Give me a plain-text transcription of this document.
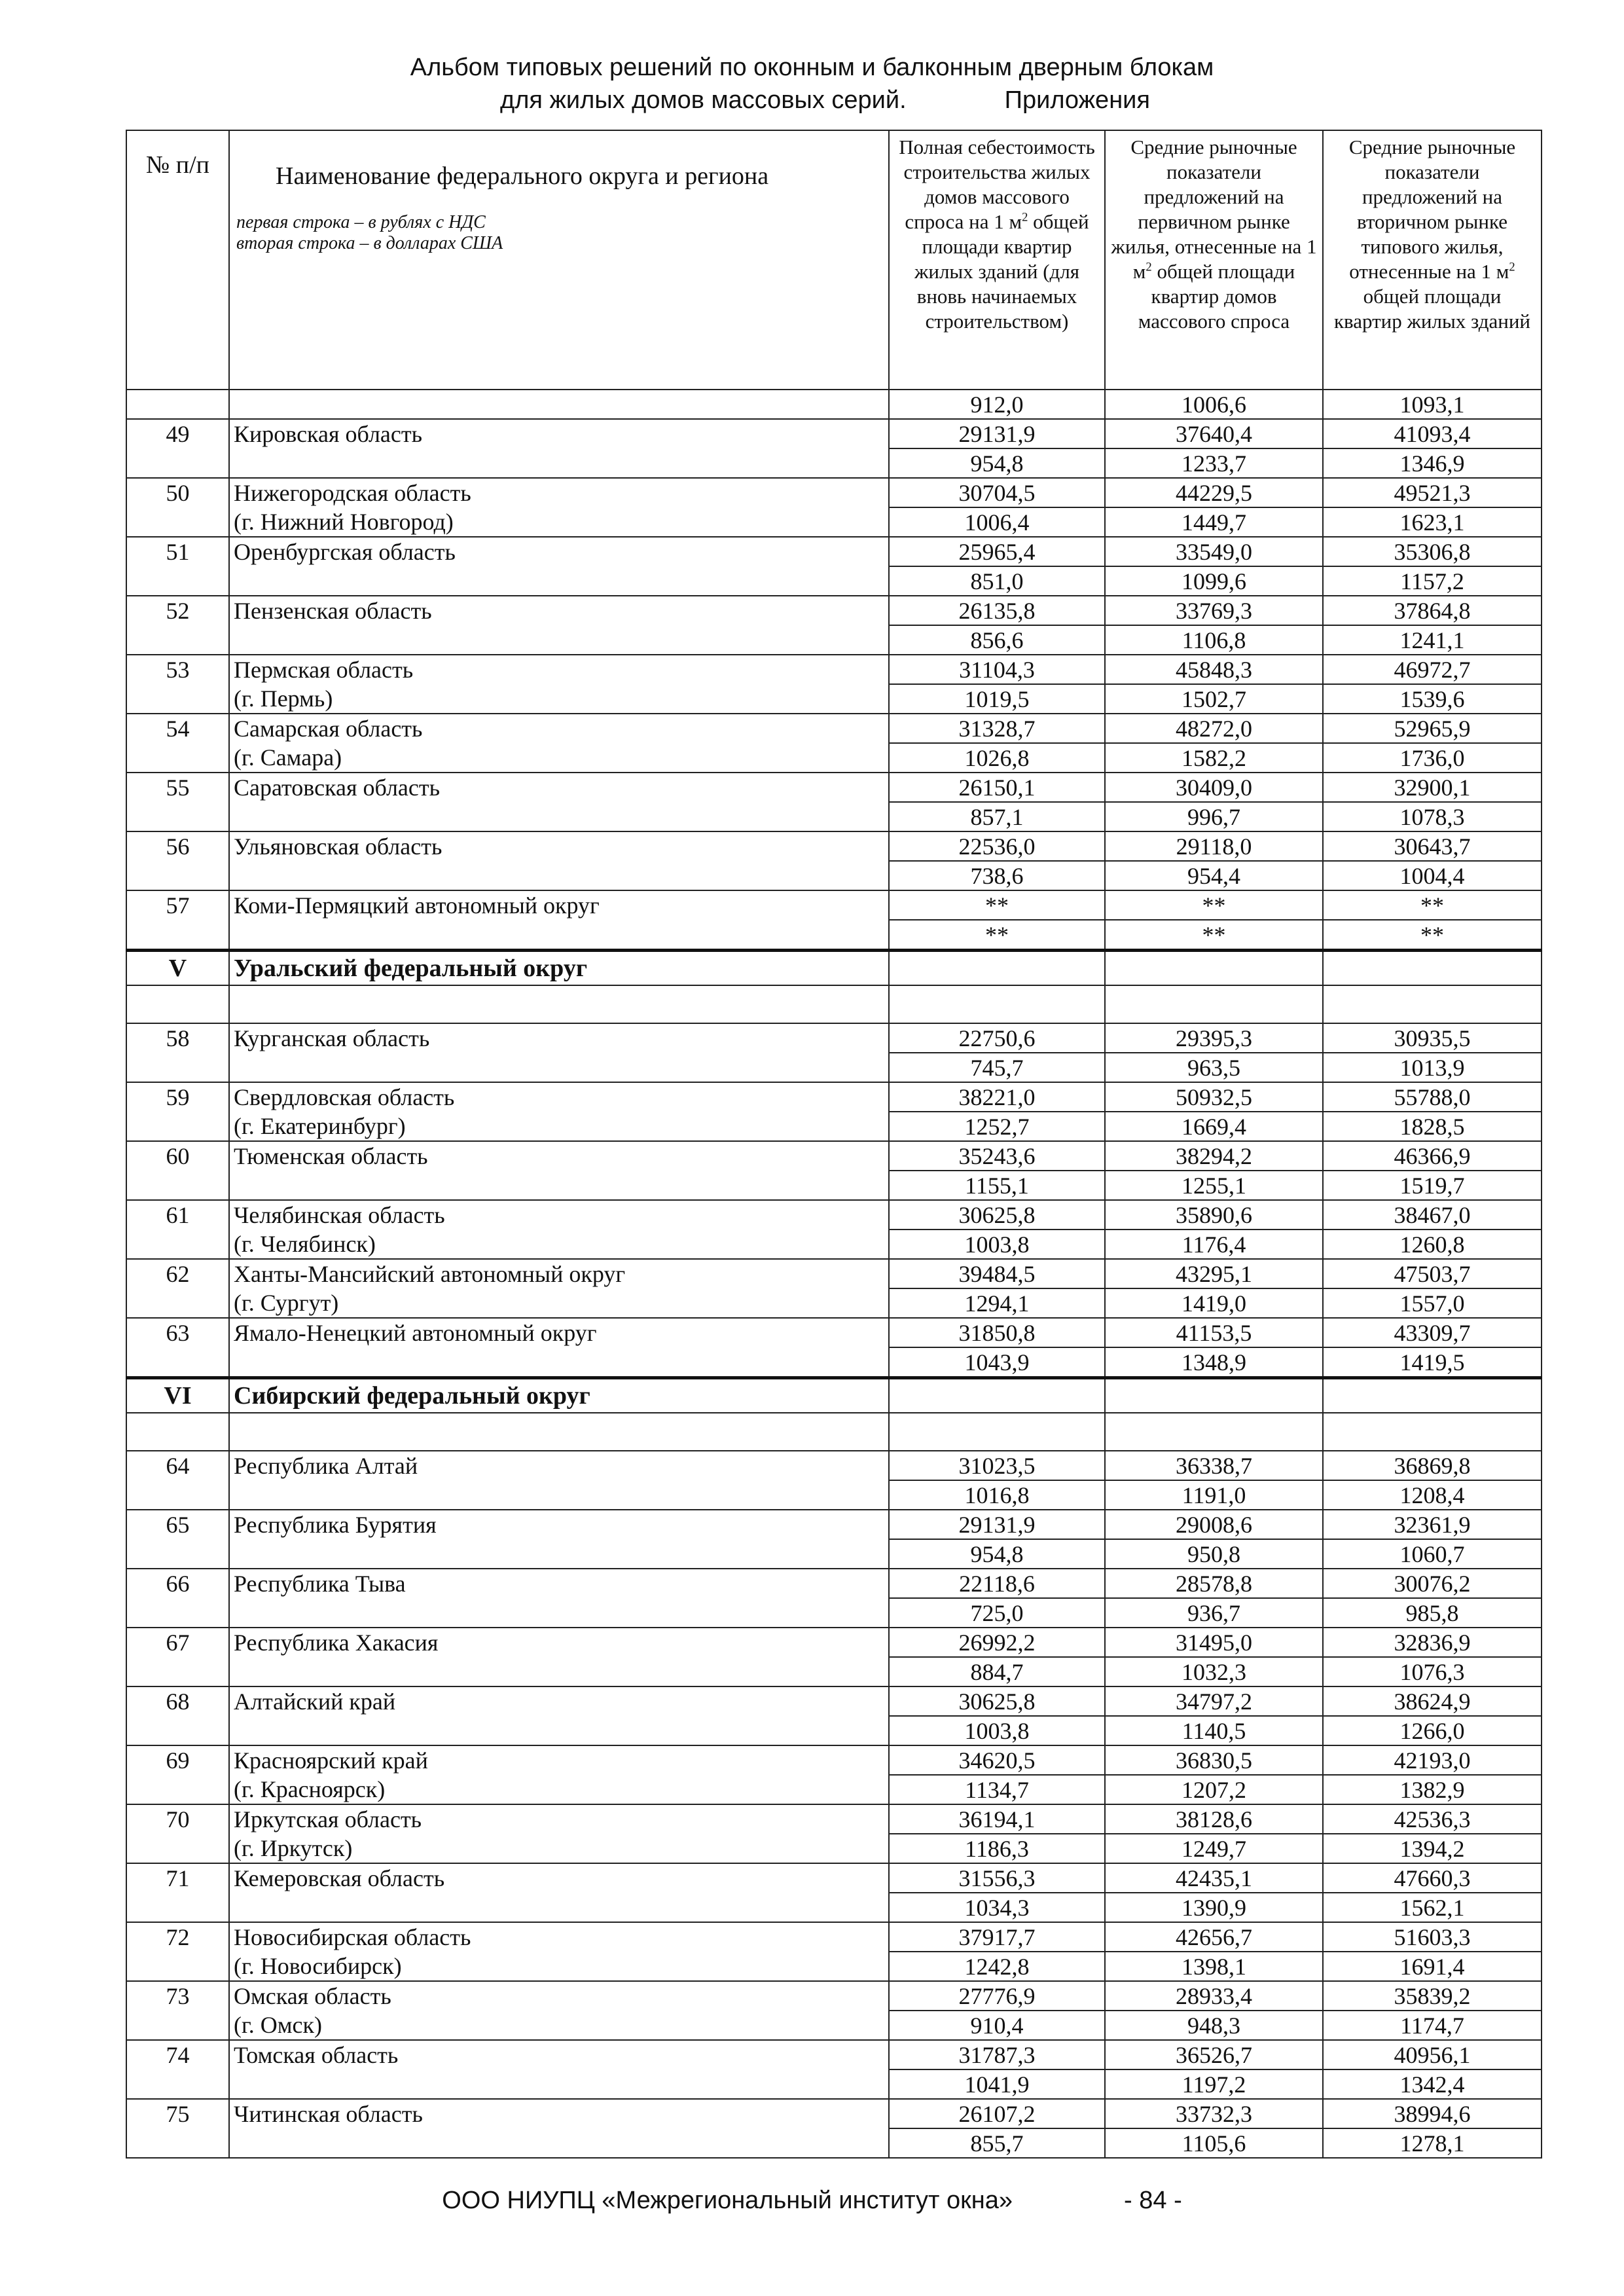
Альбом типовых решений по оконным и балконным дверным блокам
для жилых домов массовых серий.	Приложения
№ п/п	Наименование федерального округа и региона
первая строка – в рублях с НДС
вторая строка – в долларах США	Полная себестоимость строительства жилых домов массового спроса на 1 $м^2$ общей площади квартир жилых зданий (для вновь начинаемых строительством)	Средние рыночные показатели предложений на первичном рынке жилья, отнесенные на 1 $м^2$ общей площади квартир домов массового спроса	Средние рыночные показатели предложений на вторичном рынке типового жилья, отнесенные на 1 $м^2$ общей площади квартир жилых зданий
		912,0	1006,6	1093,1
49	Кировская область	29131,9	37640,4	41093,4
		954,8	1233,7	1346,9
50	Нижегородская область	30704,5	44229,5	49521,3
	(г. Нижний Новгород)	1006,4	1449,7	1623,1
51	Оренбургская область	25965,4	33549,0	35306,8
		851,0	1099,6	1157,2
52	Пензенская область	26135,8	33769,3	37864,8
		856,6	1106,8	1241,1
53	Пермская область	31104,3	45848,3	46972,7
	(г. Пермь)	1019,5	1502,7	1539,6
54	Самарская область	31328,7	48272,0	52965,9
	(г. Самара)	1026,8	1582,2	1736,0
55	Саратовская область	26150,1	30409,0	32900,1
		857,1	996,7	1078,3
56	Ульяновская область	22536,0	29118,0	30643,7
		738,6	954,4	1004,4
57	Коми-Пермяцкий автономный округ	**	**	**
		**	**	**
V	Уральский федеральный округ			

58	Курганская область	22750,6	29395,3	30935,5
		745,7	963,5	1013,9
59	Свердловская область	38221,0	50932,5	55788,0
	(г. Екатеринбург)	1252,7	1669,4	1828,5
60	Тюменская область	35243,6	38294,2	46366,9
		1155,1	1255,1	1519,7
61	Челябинская область	30625,8	35890,6	38467,0
	(г. Челябинск)	1003,8	1176,4	1260,8
62	Ханты-Мансийский автономный округ	39484,5	43295,1	47503,7
	(г. Сургут)	1294,1	1419,0	1557,0
63	Ямало-Ненецкий автономный округ	31850,8	41153,5	43309,7
		1043,9	1348,9	1419,5
VI	Сибирский федеральный округ			

64	Республика Алтай	31023,5	36338,7	36869,8
		1016,8	1191,0	1208,4
65	Республика Бурятия	29131,9	29008,6	32361,9
		954,8	950,8	1060,7
66	Республика Тыва	22118,6	28578,8	30076,2
		725,0	936,7	985,8
67	Республика Хакасия	26992,2	31495,0	32836,9
		884,7	1032,3	1076,3
68	Алтайский край	30625,8	34797,2	38624,9
		1003,8	1140,5	1266,0
69	Красноярский край	34620,5	36830,5	42193,0
	(г. Красноярск)	1134,7	1207,2	1382,9
70	Иркутская область	36194,1	38128,6	42536,3
	(г. Иркутск)	1186,3	1249,7	1394,2
71	Кемеровская область	31556,3	42435,1	47660,3
		1034,3	1390,9	1562,1
72	Новосибирская область	37917,7	42656,7	51603,3
	(г. Новосибирск)	1242,8	1398,1	1691,4
73	Омская область	27776,9	28933,4	35839,2
	(г. Омск)	910,4	948,3	1174,7
74	Томская область	31787,3	36526,7	40956,1
		1041,9	1197,2	1342,4
75	Читинская область	26107,2	33732,3	38994,6
		855,7	1105,6	1278,1
ООО НИУПЦ «Межрегиональный институт окна»	- 84 -
